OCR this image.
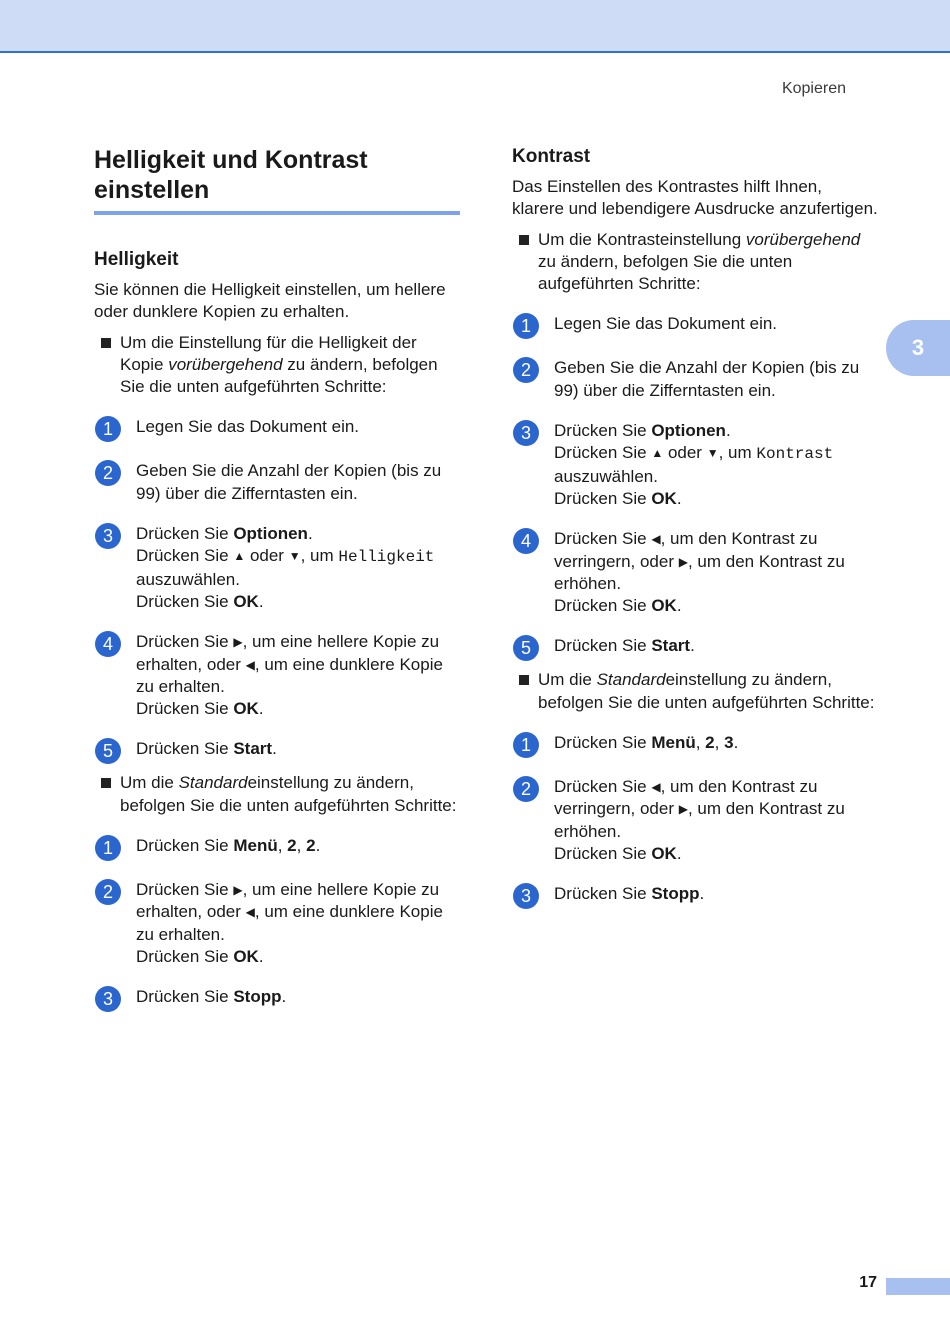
Kopieren
3
Helligkeit und Kontrast
einstellen
Helligkeit

Sie können die Helligkeit einstellen, um hellere oder dunklere Kopien zu erhalten.

Um die Einstellung für die Helligkeit der Kopie vorübergehend zu ändern, befolgen Sie die unten aufgeführten Schritte:
1	Legen Sie das Dokument ein.
2	Geben Sie die Anzahl der Kopien (bis zu 99) über die Zifferntasten ein.
3	Drücken Sie Optionen.
Drücken Sie ▲ oder ▼, um Helligkeit
auszuwählen.
Drücken Sie OK.
4	Drücken Sie ▶, um eine hellere Kopie zu erhalten, oder ◀, um eine dunklere Kopie zu erhalten.
Drücken Sie OK.
5	Drücken Sie Start.
Um die Standardeinstellung zu ändern, befolgen Sie die unten aufgeführten Schritte:
1	Drücken Sie Menü, 2, 2.
2	Drücken Sie ▶, um eine hellere Kopie zu erhalten, oder ◀, um eine dunklere Kopie zu erhalten.
Drücken Sie OK.
3	Drücken Sie Stopp.
Kontrast

Das Einstellen des Kontrastes hilft Ihnen, klarere und lebendigere Ausdrucke anzufertigen.

Um die Kontrasteinstellung vorübergehend zu ändern, befolgen Sie die unten aufgeführten Schritte:
1	Legen Sie das Dokument ein.
2	Geben Sie die Anzahl der Kopien (bis zu 99) über die Zifferntasten ein.
3	Drücken Sie Optionen.
Drücken Sie ▲ oder ▼, um Kontrast
auszuwählen.
Drücken Sie OK.
4	Drücken Sie ◀, um den Kontrast zu verringern, oder ▶, um den Kontrast zu erhöhen.
Drücken Sie OK.
5	Drücken Sie Start.
Um die Standardeinstellung zu ändern, befolgen Sie die unten aufgeführten Schritte:
1	Drücken Sie Menü, 2, 3.
2	Drücken Sie ◀, um den Kontrast zu verringern, oder ▶, um den Kontrast zu erhöhen.
Drücken Sie OK.
3	Drücken Sie Stopp.
17
